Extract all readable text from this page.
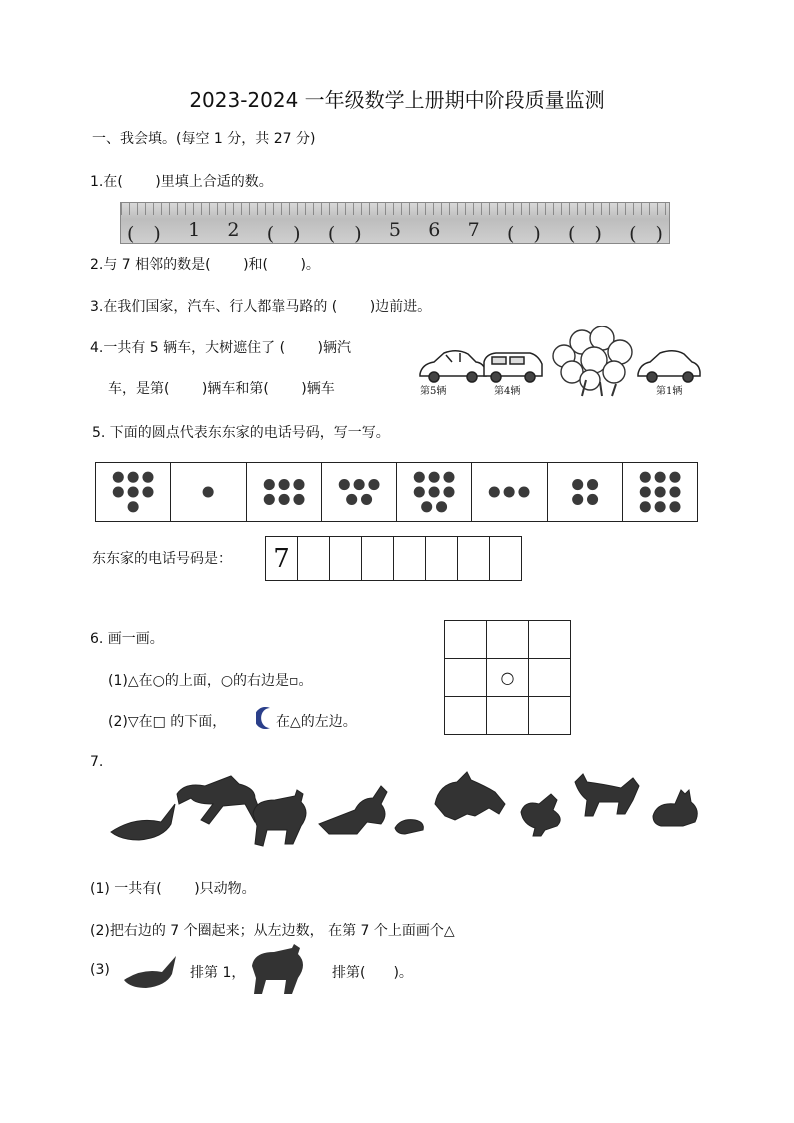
2023-2024 一年级数学上册期中阶段质量监测
一、我会填。(每空 1 分，共 27 分)
1.在(　　 )里填上合适的数。
(　) 1 2 (　) (　) 5 6 7 (　) (　) (　)
2.与 7 相邻的数是(　　 )和(　　 )。
3.在我们国家，汽车、行人都靠马路的 (　　 )边前进。
4.一共有 5 辆车，大树遮住了 (　　 )辆汽
车，是第(　　 )辆车和第(　　 )辆车	第5辆	第4辆	第1辆
5. 下面的圆点代表东东家的电话号码，写一写。

东东家的电话号码是： 7							
6. 画一画。
(1)△在○的上面，○的右边是▫。
(2)▽在□ 的下面，	在△的左边。

	○	

7.
(1) 一共有(　　 )只动物。
(2)把右边的 7 个圈起来；从左边数， 在第 7 个上面画个△
(3)	排第 1，	排第(　　)。
